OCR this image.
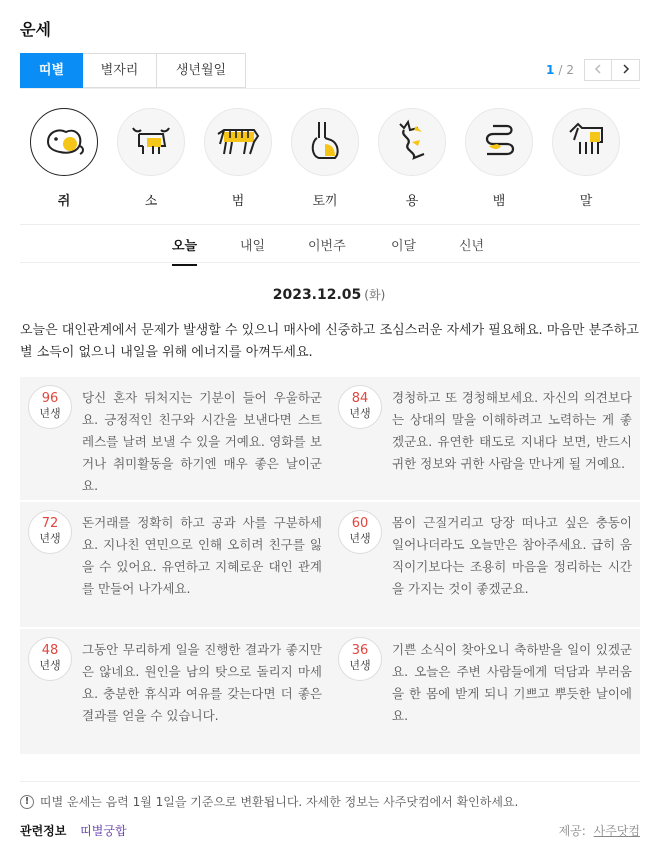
운세
띠별	별자리	생년월일	1 / 2
쥐	소	범	토끼	용	뱀	말
오늘	내일	이번주	이달	신년
2023.12.05 (화)
오늘은 대인관계에서 문제가 발생할 수 있으니 매사에 신중하고 조심스러운 자세가 필요해요. 마음만 분주하고 별 소득이 없으니 내일을 위해 에너지를 아껴두세요.
96
년생
당신 혼자 뒤처지는 기분이 들어 우울하군요. 긍정적인 친구와 시간을 보낸다면 스트레스를 날려 보낼 수 있을 거예요. 영화를 보거나 취미활동을 하기엔 매우 좋은 날이군요.
84
년생
경청하고 또 경청해보세요. 자신의 의견보다는 상대의 말을 이해하려고 노력하는 게 좋겠군요. 유연한 태도로 지내다 보면, 반드시 귀한 정보와 귀한 사람을 만나게 될 거예요.
72
년생
돈거래를 정확히 하고 공과 사를 구분하세요. 지나친 연민으로 인해 오히려 친구를 잃을 수 있어요. 유연하고 지혜로운 대인 관계를 만들어 나가세요.
60
년생
몸이 근질거리고 당장 떠나고 싶은 충동이 일어나더라도 오늘만은 참아주세요. 급히 움직이기보다는 조용히 마음을 정리하는 시간을 가지는 것이 좋겠군요.
48
년생
그동안 무리하게 일을 진행한 결과가 좋지만은 않네요. 원인을 남의 탓으로 돌리지 마세요. 충분한 휴식과 여유를 갖는다면 더 좋은 결과를 얻을 수 있습니다.
36
년생
기쁜 소식이 찾아오니 축하받을 일이 있겠군요. 오늘은 주변 사람들에게 덕담과 부러움을 한 몸에 받게 되니 기쁘고 뿌듯한 날이에요.
! 띠별 운세는 음력 1월 1일을 기준으로 변환됩니다. 자세한 정보는 사주닷컴에서 확인하세요.
관련정보 띠별궁합	제공: 사주닷컴
